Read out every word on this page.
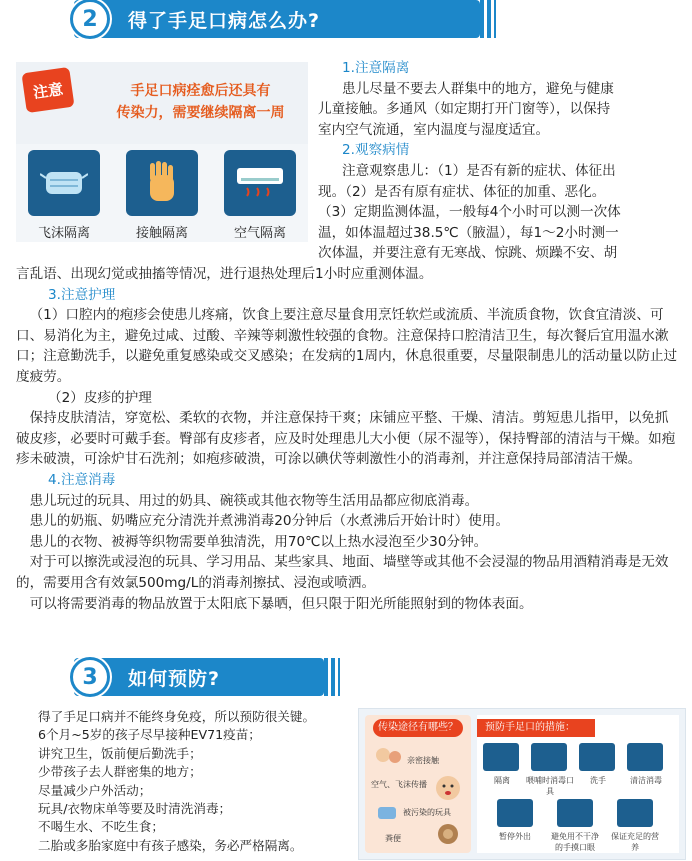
2	得了手足口病怎么办?
注意	手足口病痊愈后还具有
传染力，需要继续隔离一周
飞沫隔离	接触隔离	空气隔离
1.注意隔离
患儿尽量不要去人群集中的地方，避免与健康
儿童接触。多通风（如定期打开门窗等），以保持
室内空气流通，室内温度与湿度适宜。
2.观察病情
注意观察患儿：（1）是否有新的症状、体征出
现。（2）是否有原有症状、体征的加重、恶化。
（3）定期监测体温，一般每4个小时可以测一次体
温，如体温超过38.5℃（腋温），每1～2小时测一
次体温，并要注意有无寒战、惊跳、烦躁不安、胡
言乱语、出现幻觉或抽搐等情况，进行退热处理后1小时应重测体温。
3.注意护理
（1）口腔内的疱疹会使患儿疼痛，饮食上要注意尽量食用烹饪软烂或流质、半流质食物，饮食宜清淡、可口、易消化为主，避免过咸、过酸、辛辣等刺激性较强的食物。注意保持口腔清洁卫生，每次餐后宜用温水漱口；注意勤洗手，以避免重复感染或交叉感染；在发病的1周内，休息很重要，尽量限制患儿的活动量以防止过度疲劳。
（2）皮疹的护理
保持皮肤清洁，穿宽松、柔软的衣物，并注意保持干爽；床铺应平整、干燥、清洁。剪短患儿指甲，以免抓破皮疹，必要时可戴手套。臀部有皮疹者，应及时处理患儿大小便（尿不湿等），保持臀部的清洁与干燥。如疱疹未破溃，可涂炉甘石洗剂；如疱疹破溃，可涂以碘伏等刺激性小的消毒剂，并注意保持局部清洁干燥。
4.注意消毒
患儿玩过的玩具、用过的奶具、碗筷或其他衣物等生活用品都应彻底消毒。
患儿的奶瓶、奶嘴应充分清洗并煮沸消毒20分钟后（水煮沸后开始计时）使用。
患儿的衣物、被褥等织物需要单独清洗，用70℃以上热水浸泡至少30分钟。
对于可以擦洗或浸泡的玩具、学习用品、某些家具、地面、墙壁等或其他不会浸湿的物品用酒精消毒是无效的，需要用含有效氯500mg/L的消毒剂擦拭、浸泡或喷洒。
可以将需要消毒的物品放置于太阳底下暴晒，但只限于阳光所能照射到的物体表面。
3	如何预防?
得了手足口病并不能终身免疫，所以预防很关键。
6个月~5岁的孩子尽早接种EV71疫苗；
讲究卫生，饭前便后勤洗手；
少带孩子去人群密集的地方；
尽量减少户外活动；
玩具/衣物床单等要及时清洗消毒；
不喝生水、不吃生食；
二胎或多胎家庭中有孩子感染，务必严格隔离。
传染途径有哪些？
亲密接触
空气、飞沫传播
被污染的玩具
粪便
预防手足口的措施：
隔离	喂哺时消毒口具
洗手	清洁消毒
暂停外出	避免用不干净的手摸口眼
保证充足的营养
